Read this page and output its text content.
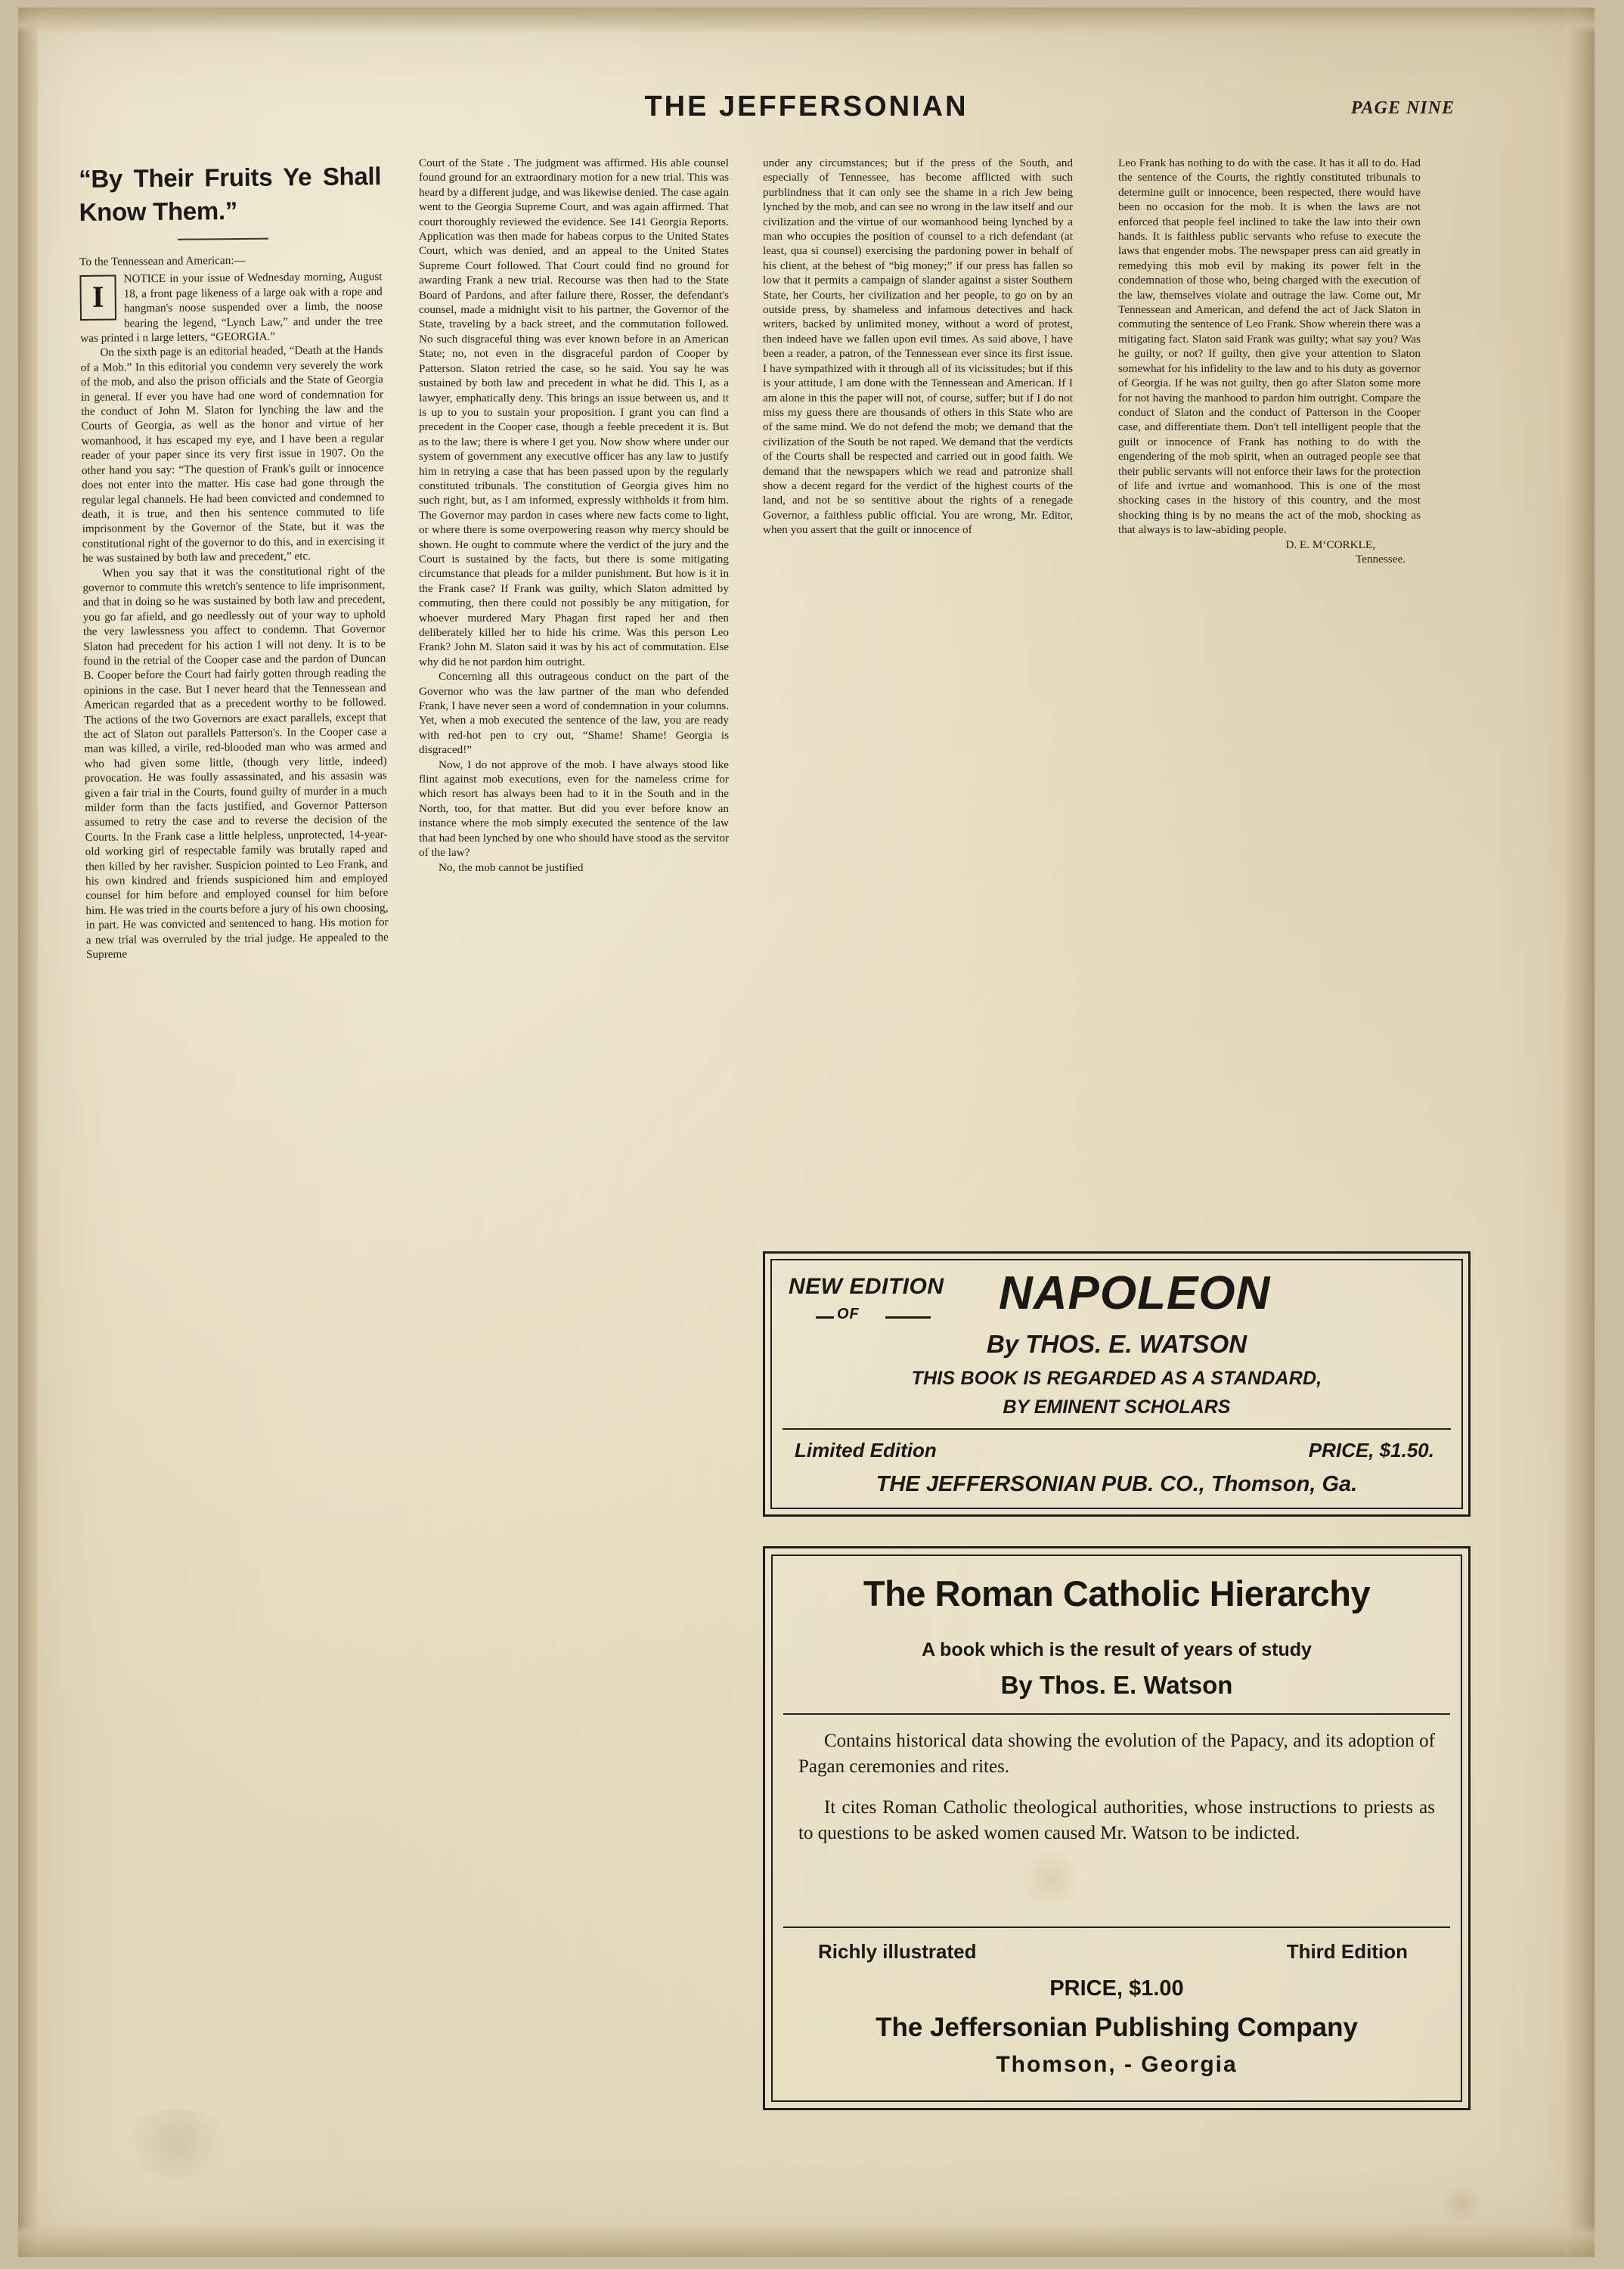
THE JEFFERSONIAN	PAGE NINE
“By Their Fruits Ye Shall Know Them.”

To the Tennessean and American:—

I

NOTICE in your issue of Wednesday morning, August 18, a front page likeness of a large oak with a rope and hangman's noose suspended over a limb, the noose bearing the legend, “Lynch Law,” and under the tree was printed i n large letters, “GEORGIA.”

On the sixth page is an editorial headed, “Death at the Hands of a Mob.” In this editorial you condemn very severely the work of the mob, and also the prison officials and the State of Georgia in general. If ever you have had one word of condemnation for the conduct of John M. Slaton for lynching the law and the Courts of Georgia, as well as the honor and virtue of her womanhood, it has escaped my eye, and I have been a regular reader of your paper since its very first issue in 1907. On the other hand you say: “The question of Frank's guilt or innocence does not enter into the matter. His case had gone through the regular legal channels. He had been convicted and condemned to death, it is true, and then his sentence commuted to life imprisonment by the Governor of the State, but it was the constitutional right of the governor to do this, and in exercising it he was sustained by both law and precedent,” etc.

When you say that it was the constitutional right of the governor to commute this wretch's sentence to life imprisonment, and that in doing so he was sustained by both law and precedent, you go far afield, and go needlessly out of your way to uphold the very lawlessness you affect to condemn. That Governor Slaton had precedent for his action I will not deny. It is to be found in the retrial of the Cooper case and the pardon of Duncan B. Cooper before the Court had fairly gotten through reading the opinions in the case. But I never heard that the Tennessean and American regarded that as a precedent worthy to be followed. The actions of the two Governors are exact parallels, except that the act of Slaton out parallels Patterson's. In the Cooper case a man was killed, a virile, red-blooded man who was armed and who had given some little, (though very little, indeed) provocation. He was foully assassinated, and his assasin was given a fair trial in the Courts, found guilty of murder in a much milder form than the facts justified, and Governor Patterson assumed to retry the case and to reverse the decision of the Courts. In the Frank case a little helpless, unprotected, 14-year-old working girl of respectable family was brutally raped and then killed by her ravisher. Suspicion pointed to Leo Frank, and his own kindred and friends suspicioned him and employed counsel for him before and employed counsel for him before him. He was tried in the courts before a jury of his own choosing, in part. He was convicted and sentenced to hang. His motion for a new trial was overruled by the trial judge. He appealed to the Supreme

Court of the State . The judgment was affirmed. His able counsel found ground for an extraordinary motion for a new trial. This was heard by a different judge, and was likewise denied. The case again went to the Georgia Supreme Court, and was again affirmed. That court thoroughly reviewed the evidence. See 141 Georgia Reports. Application was then made for habeas corpus to the United States Court, which was denied, and an appeal to the United States Supreme Court followed. That Court could find no ground for awarding Frank a new trial. Recourse was then had to the State Board of Pardons, and after failure there, Rosser, the defendant's counsel, made a midnight visit to his partner, the Governor of the State, traveling by a back street, and the commutation followed. No such disgraceful thing was ever known before in an American State; no, not even in the disgraceful pardon of Cooper by Patterson. Slaton retried the case, so he said. You say he was sustained by both law and precedent in what he did. This I, as a lawyer, emphatically deny. This brings an issue between us, and it is up to you to sustain your proposition. I grant you can find a precedent in the Cooper case, though a feeble precedent it is. But as to the law; there is where I get you. Now show where under our system of government any executive officer has any law to justify him in retrying a case that has been passed upon by the regularly constituted tribunals. The constitution of Georgia gives him no such right, but, as I am informed, expressly withholds it from him. The Governor may pardon in cases where new facts come to light, or where there is some overpowering reason why mercy should be shown. He ought to commute where the verdict of the jury and the Court is sustained by the facts, but there is some mitigating circumstance that pleads for a milder punishment. But how is it in the Frank case? If Frank was guilty, which Slaton admitted by commuting, then there could not possibly be any mitigation, for whoever murdered Mary Phagan first raped her and then deliberately killed her to hide his crime. Was this person Leo Frank? John M. Slaton said it was by his act of commutation. Else why did he not pardon him outright.

Concerning all this outrageous conduct on the part of the Governor who was the law partner of the man who defended Frank, I have never seen a word of condemnation in your columns. Yet, when a mob executed the sentence of the law, you are ready with red-hot pen to cry out, “Shame! Shame! Georgia is disgraced!”

Now, I do not approve of the mob. I have always stood like flint against mob executions, even for the nameless crime for which resort has always been had to it in the South and in the North, too, for that matter. But did you ever before know an instance where the mob simply executed the sentence of the law that had been lynched by one who should have stood as the servitor of the law?

No, the mob cannot be justified

under any circumstances; but if the press of the South, and especially of Tennessee, has become afflicted with such purblindness that it can only see the shame in a rich Jew being lynched by the mob, and can see no wrong in the law itself and our civilization and the virtue of our womanhood being lynched by a man who occupies the position of counsel to a rich defendant (at least, qua si counsel) exercising the pardoning power in behalf of his client, at the behest of “big money;” if our press has fallen so low that it permits a campaign of slander against a sister Southern State, her Courts, her civilization and her people, to go on by an outside press, by shameless and infamous detectives and hack writers, backed by unlimited money, without a word of protest, then indeed have we fallen upon evil times. As said above, l have been a reader, a patron, of the Tennessean ever since its first issue. I have sympathized with it through all of its vicissitudes; but if this is your attitude, I am done with the Tennessean and American. If I am alone in this the paper will not, of course, suffer; but if I do not miss my guess there are thousands of others in this State who are of the same mind. We do not defend the mob; we demand that the civilization of the South be not raped. We demand that the verdicts of the Courts shall be respected and carried out in good faith. We demand that the newspapers which we read and patronize shall show a decent regard for the verdict of the highest courts of the land, and not be so sentitive about the rights of a renegade Governor, a faithless public official. You are wrong, Mr. Editor, when you assert that the guilt or innocence of

Leo Frank has nothing to do with the case. It has it all to do. Had the sentence of the Courts, the rightly constituted tribunals to determine guilt or innocence, been respected, there would have been no occasion for the mob. It is when the laws are not enforced that people feel inclined to take the law into their own hands. It is faithless public servants who refuse to execute the laws that engender mobs. The newspaper press can aid greatly in remedying this mob evil by making its power felt in the condemnation of those who, being charged with the execution of the law, themselves violate and outrage the law. Come out, Mr Tennessean and American, and defend the act of Jack Slaton in commuting the sentence of Leo Frank. Show wherein there was a mitigating fact. Slaton said Frank was guilty; what say you? Was he guilty, or not? If guilty, then give your attention to Slaton somewhat for his infidelity to the law and to his duty as governor of Georgia. If he was not guilty, then go after Slaton some more for not having the manhood to pardon him outright. Compare the conduct of Slaton and the conduct of Patterson in the Cooper case, and differentiate them. Don't tell intelligent people that the guilt or innocence of Frank has nothing to do with the engendering of the mob spirit, when an outraged people see that their public servants will not enforce their laws for the protection of life and ivrtue and womanhood. This is one of the most shocking cases in the history of this country, and the most shocking thing is by no means the act of the mob, shocking as that always is to law-abiding people.

D. E. M‘CORKLE,

Tennessee.

NEW EDITION
OF	NAPOLEON
By THOS. E. WATSON
THIS BOOK IS REGARDED AS A STANDARD,
BY EMINENT SCHOLARS
Limited Edition	PRICE, $1.50.
THE JEFFERSONIAN PUB. CO., Thomson, Ga.
The Roman Catholic Hierarchy
A book which is the result of years of study
By Thos. E. Watson

Contains historical data showing the evolution of the Papacy, and its adoption of Pagan ceremonies and rites.

It cites Roman Catholic theological authorities, whose instructions to priests as to questions to be asked women caused Mr. Watson to be indicted.

Richly illustrated	Third Edition
PRICE, $1.00
The Jeffersonian Publishing Company
Thomson, - Georgia
